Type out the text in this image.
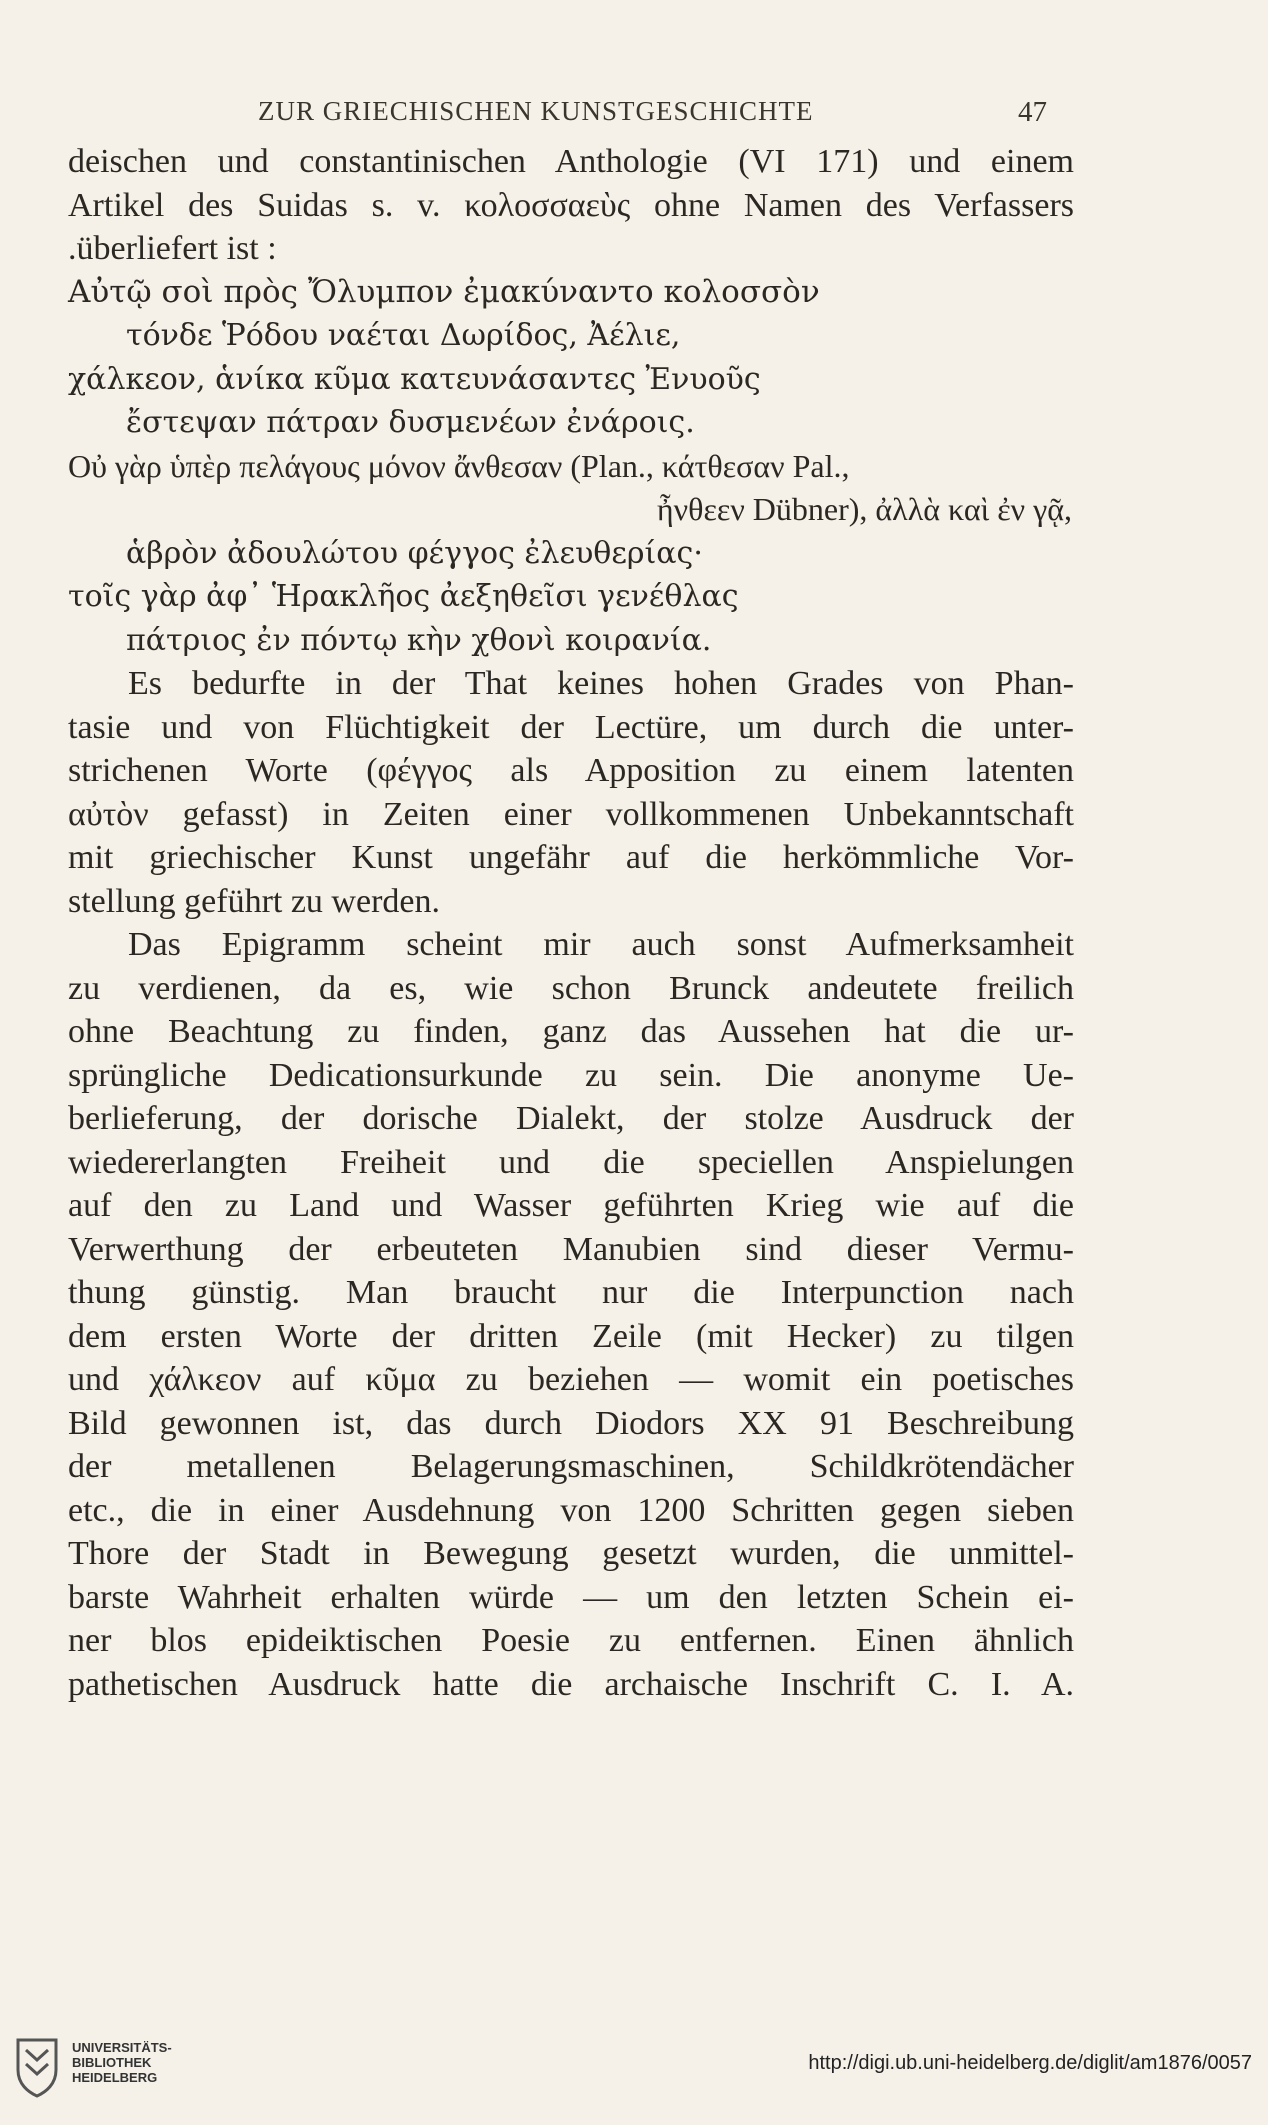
ZUR GRIECHISCHEN KUNSTGESCHICHTE	47
deischen und constantinischen Anthologie (VI 171) und einem
Artikel des Suidas s. v. κολοσσαεὺς ohne Namen des Verfassers
.überliefert ist :
Αὐτῷ σοὶ πρὸς Ὄλυμπον ἐμακύναντο κολοσσὸν
τόνδε Ῥόδου ναέται Δωρίδος, Ἀέλιε,
χάλκεον, ἁνίκα κῦμα κατευνάσαντες Ἐνυοῦς
ἔστεψαν πάτραν δυσμενέων ἐνάροις.
Οὐ γὰρ ὑπὲρ πελάγους μόνον ἄνθεσαν (Plan., κάτθεσαν Pal.,
ἦνθεεν Dübner), ἀλλὰ καὶ ἐν γᾷ,
ἁβρὸν ἀδουλώτου φέγγος ἐλευθερίας·
τοῖς γὰρ ἀφ᾽ Ἡρακλῆος ἀεξηθεῖσι γενέθλας
πάτριος ἐν πόντῳ κὴν χθονὶ κοιρανία.
Es bedurfte in der That keines hohen Grades von Phan-
tasie und von Flüchtigkeit der Lectüre, um durch die unter-
strichenen Worte (φέγγος als Apposition zu einem latenten
αὐτὸν gefasst) in Zeiten einer vollkommenen Unbekanntschaft
mit griechischer Kunst ungefähr auf die herkömmliche Vor-
stellung geführt zu werden.
Das Epigramm scheint mir auch sonst Aufmerksamheit
zu verdienen, da es, wie schon Brunck andeutete freilich
ohne Beachtung zu finden, ganz das Aussehen hat die ur-
sprüngliche Dedicationsurkunde zu sein. Die anonyme Ue-
berlieferung, der dorische Dialekt, der stolze Ausdruck der
wiedererlangten Freiheit und die speciellen Anspielungen
auf den zu Land und Wasser geführten Krieg wie auf die
Verwerthung der erbeuteten Manubien sind dieser Vermu-
thung günstig. Man braucht nur die Interpunction nach
dem ersten Worte der dritten Zeile (mit Hecker) zu tilgen
und χάλκεον auf κῦμα zu beziehen — womit ein poetisches
Bild gewonnen ist, das durch Diodors XX 91 Beschreibung
der metallenen Belagerungsmaschinen, Schildkrötendächer
etc., die in einer Ausdehnung von 1200 Schritten gegen sieben
Thore der Stadt in Bewegung gesetzt wurden, die unmittel-
barste Wahrheit erhalten würde — um den letzten Schein ei-
ner blos epideiktischen Poesie zu entfernen. Einen ähnlich
pathetischen Ausdruck hatte die archaische Inschrift C. I. A.
UNIVERSITÄTS-
BIBLIOTHEK
HEIDELBERG
http://digi.ub.uni-heidelberg.de/diglit/am1876/0057
